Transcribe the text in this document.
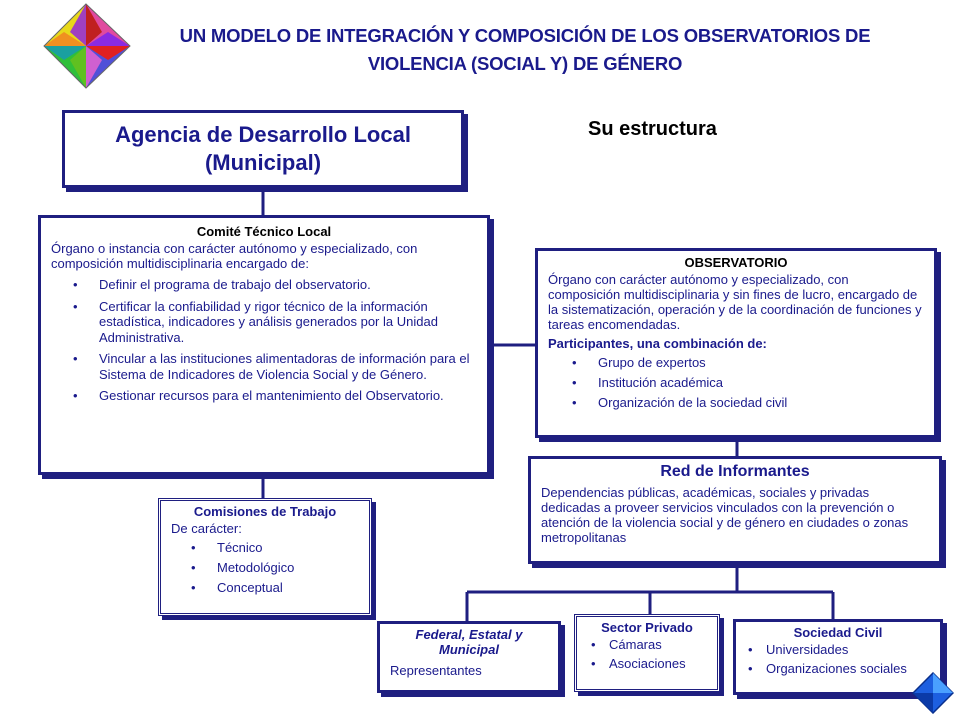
UN MODELO DE INTEGRACIÓN Y COMPOSICIÓN DE LOS OBSERVATORIOS DE
VIOLENCIA (SOCIAL Y) DE GÉNERO
Su estructura
Agencia de Desarrollo Local
(Municipal)
Comité Técnico Local
Órgano o instancia con carácter autónomo y especializado, con composición multidisciplinaria encargado de:
• Definir el programa de trabajo del observatorio.
• Certificar la confiabilidad y rigor técnico de la información estadística, indicadores y análisis generados por la Unidad Administrativa.
• Vincular a las instituciones alimentadoras de información para el Sistema de Indicadores de Violencia Social y de Género.
• Gestionar recursos para el mantenimiento del Observatorio.
OBSERVATORIO
Órgano con carácter autónomo y especializado, con composición multidisciplinaria y sin fines de lucro, encargado de la sistematización, operación y de la coordinación de funciones y tareas encomendadas.
Participantes, una combinación de:
• Grupo de expertos
• Institución académica
• Organización de la sociedad civil
Red de Informantes
Dependencias públicas, académicas, sociales y privadas dedicadas a proveer servicios vinculados con la prevención o atención de la violencia social y de género en ciudades o zonas metropolitanas
Comisiones de Trabajo
De carácter:
• Técnico
• Metodológico
• Conceptual
Federal, Estatal y Municipal
Representantes
Sector Privado
• Cámaras
• Asociaciones
Sociedad Civil
• Universidades
• Organizaciones sociales
